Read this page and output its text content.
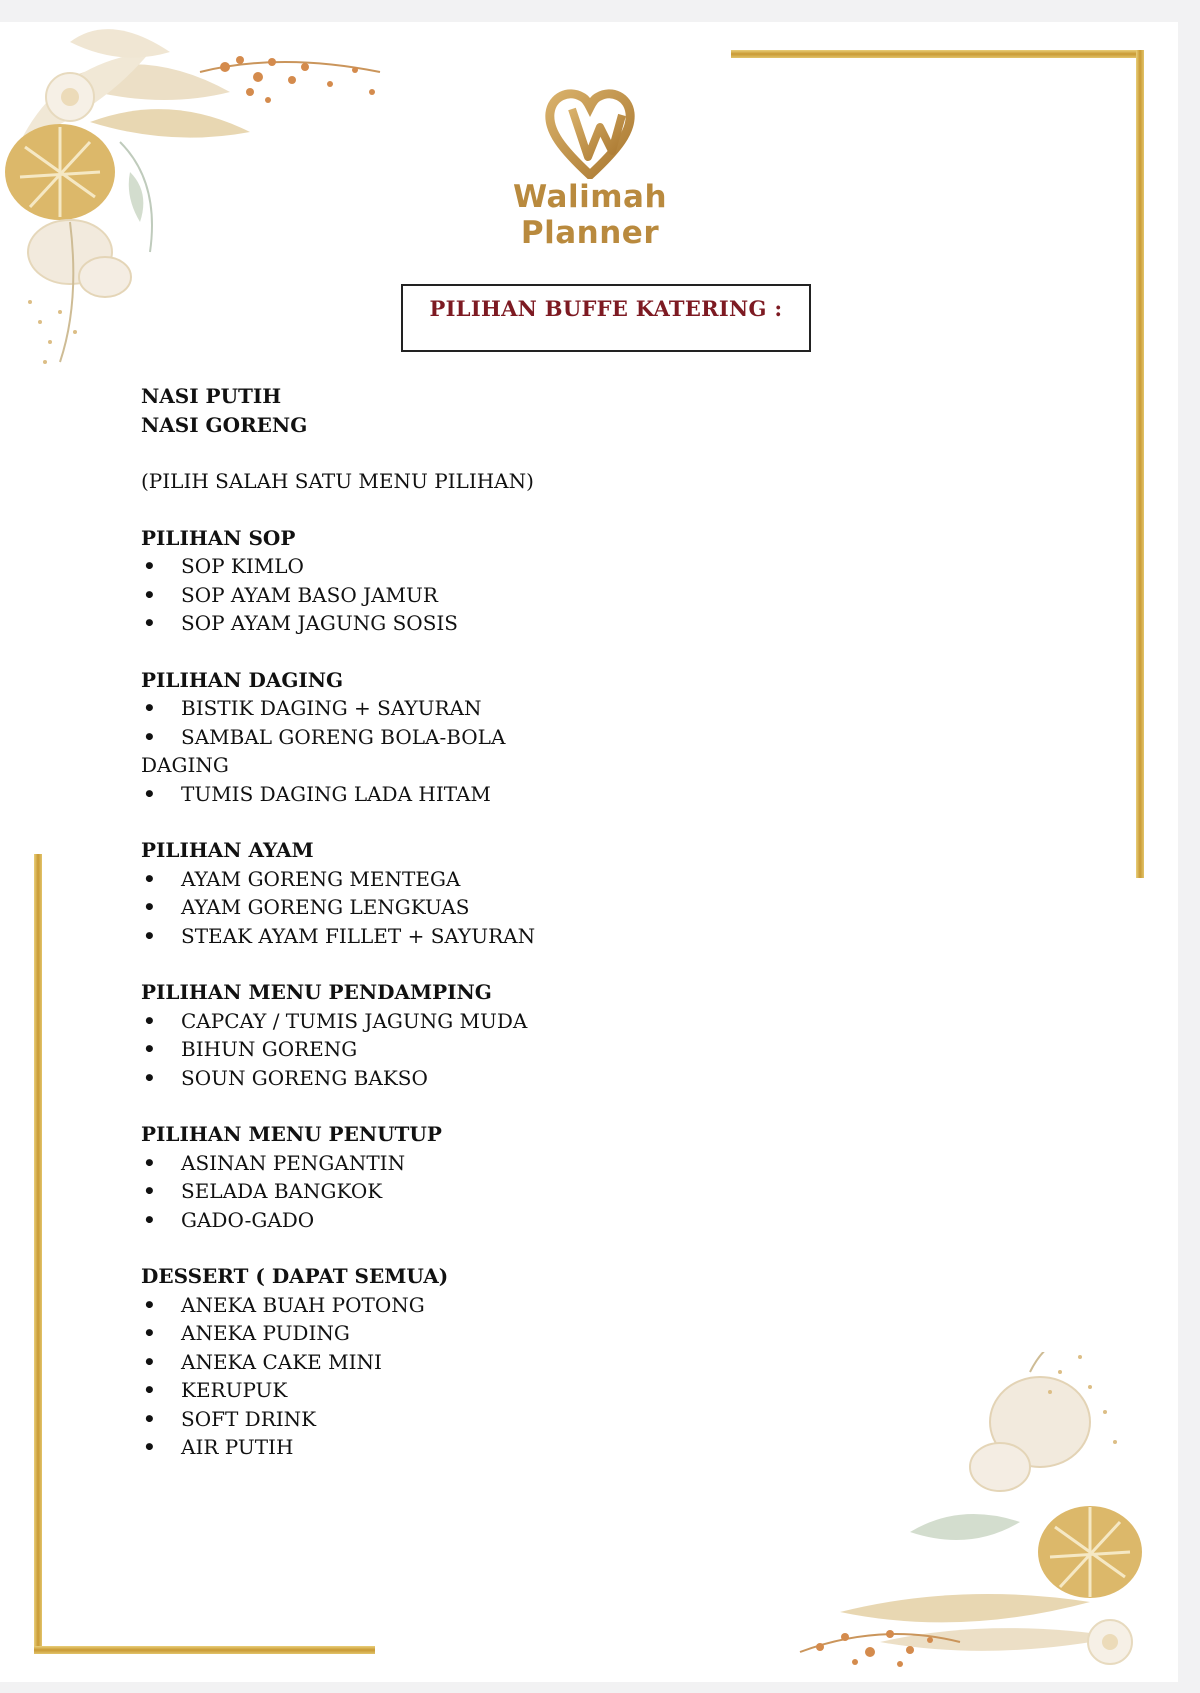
Walimah Planner
PILIHAN BUFFE KATERING :
NASI PUTIH
NASI GORENG
(PILIH SALAH SATU MENU PILIHAN)
PILIHAN SOP
• SOP KIMLO
• SOP AYAM BASO JAMUR
• SOP AYAM JAGUNG SOSIS
PILIHAN DAGING
• BISTIK DAGING + SAYURAN
• SAMBAL GORENG BOLA-BOLA
DAGING
• TUMIS DAGING LADA HITAM
PILIHAN AYAM
• AYAM GORENG MENTEGA
• AYAM GORENG LENGKUAS
• STEAK AYAM FILLET + SAYURAN
PILIHAN MENU PENDAMPING
• CAPCAY / TUMIS JAGUNG MUDA
• BIHUN GORENG
• SOUN GORENG BAKSO
PILIHAN MENU PENUTUP
• ASINAN PENGANTIN
• SELADA BANGKOK
• GADO-GADO
DESSERT ( DAPAT SEMUA)
• ANEKA BUAH POTONG
• ANEKA PUDING
• ANEKA CAKE MINI
• KERUPUK
• SOFT DRINK
• AIR PUTIH
